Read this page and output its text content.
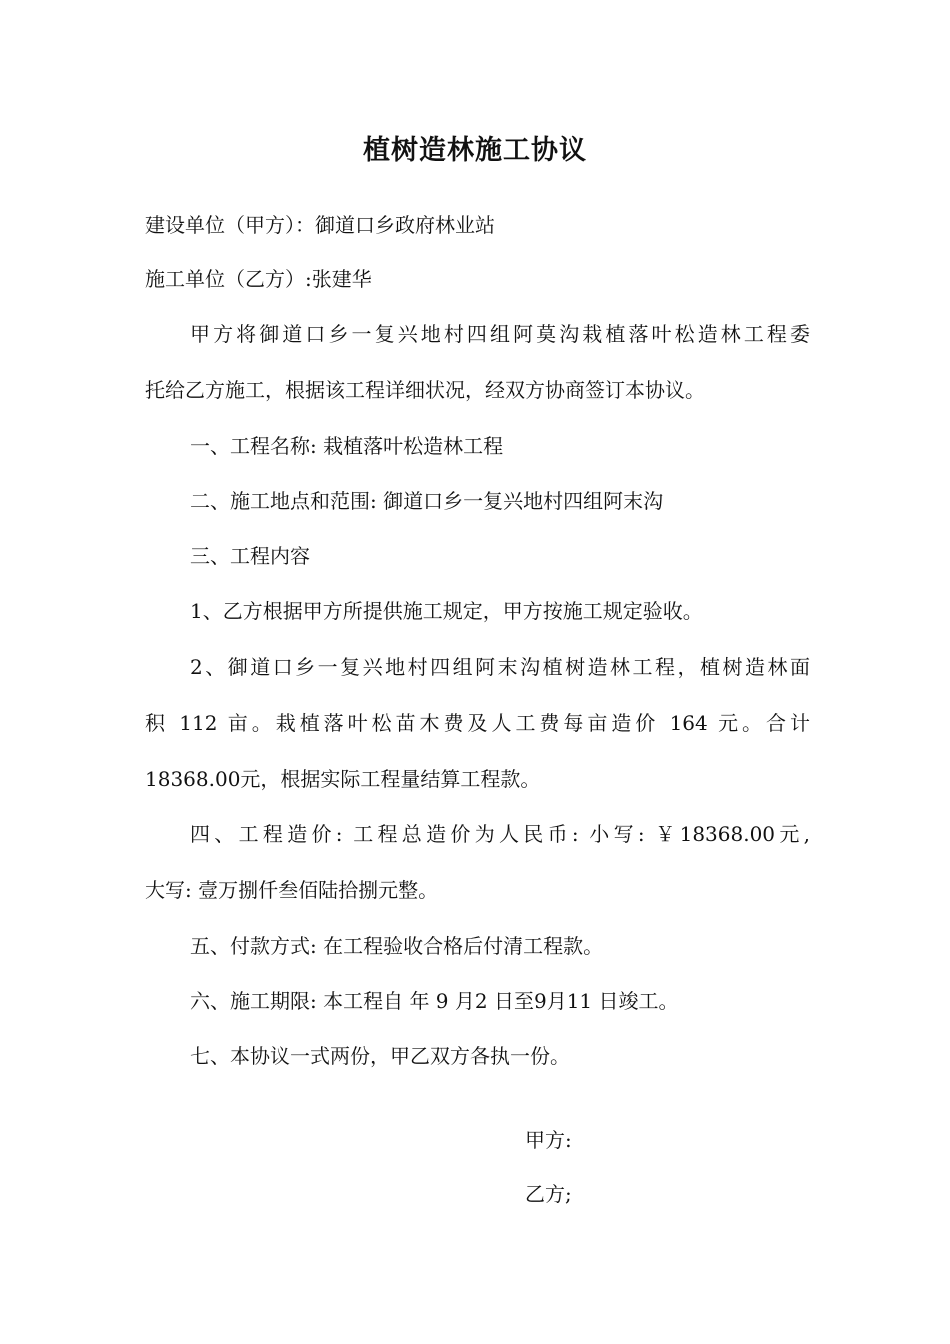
植树造林施工协议
建设单位（甲方）：御道口乡政府林业站
施工单位（乙方）:张建华
甲方将御道口乡一复兴地村四组阿莫沟栽植落叶松造林工程委
托给乙方施工，根据该工程详细状况，经双方协商签订本协议。
一、工程名称: 栽植落叶松造林工程
二、施工地点和范围: 御道口乡一复兴地村四组阿末沟
三、工程内容
1、乙方根据甲方所提供施工规定，甲方按施工规定验收。
2、御道口乡一复兴地村四组阿末沟植树造林工程，植树造林面
积 112 亩。栽植落叶松苗木费及人工费每亩造价 164 元。合计
18368.00元，根据实际工程量结算工程款。
四、工程造价: 工程总造价为人民币: 小写: ￥18368.00元,
大写: 壹万捌仟叁佰陆拾捌元整。
五、付款方式: 在工程验收合格后付清工程款。
六、施工期限: 本工程自 年 9 月2 日至9月11 日竣工。
七、本协议一式两份，甲乙双方各执一份。
甲方:
乙方;
